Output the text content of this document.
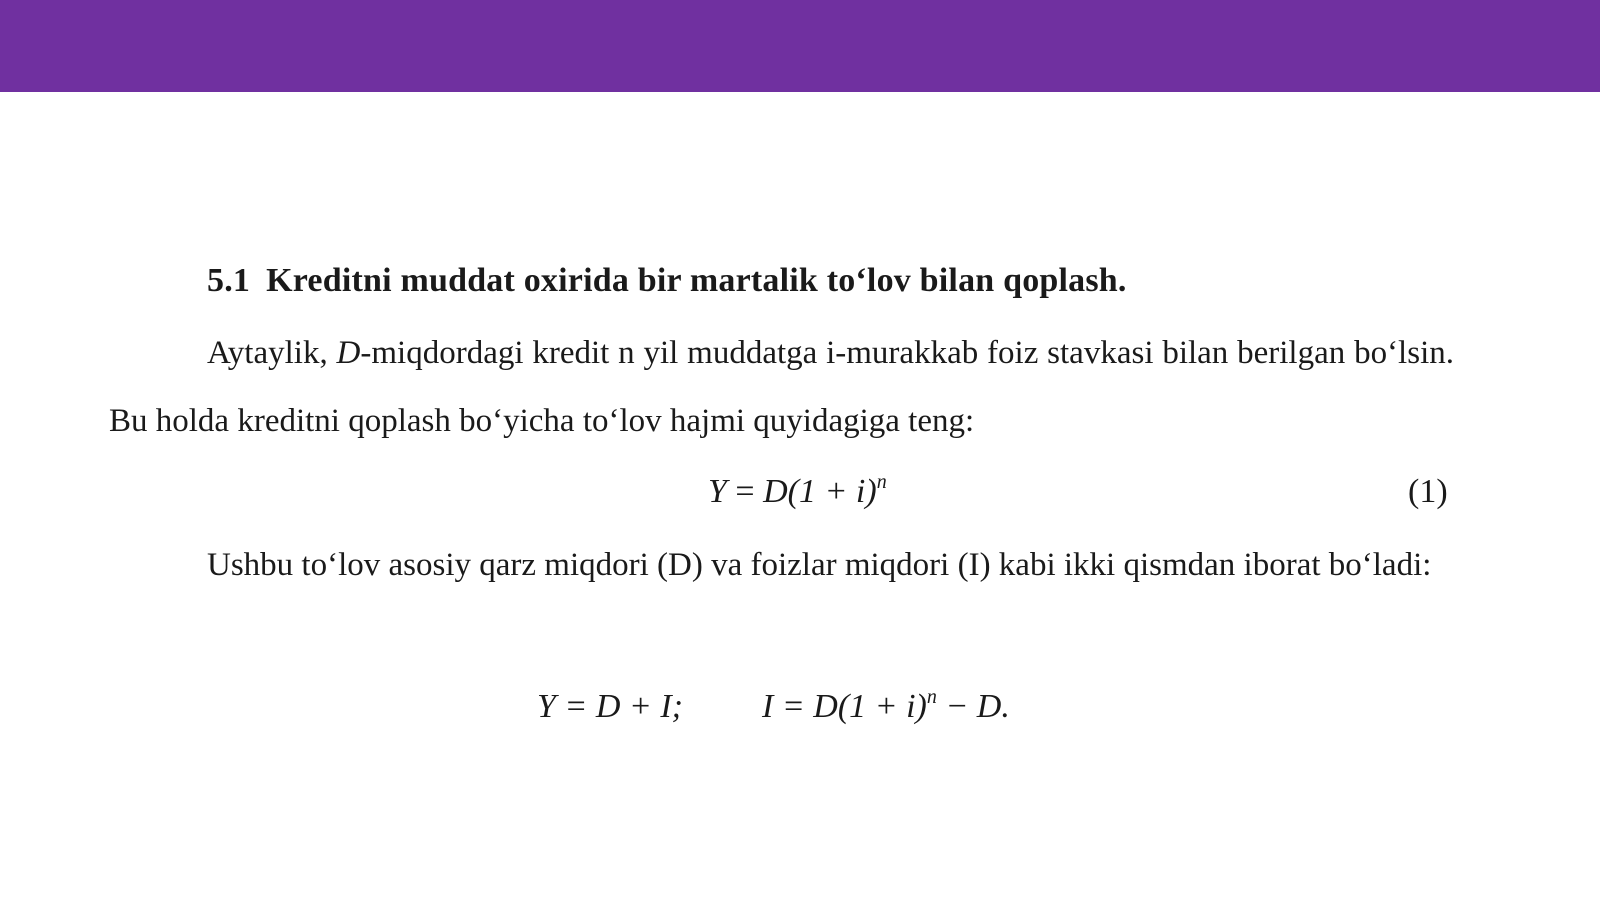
5.1 Kreditni muddat oxirida bir martalik to‘lov bilan qoplash.
Aytaylik, D-miqdordagi kredit n yil muddatga i-murakkab foiz stavkasi bilan berilgan bo‘lsin. Bu holda kreditni qoplash bo‘yicha to‘lov hajmi quyidagiga teng:
$Y = D(1 + i)^n$	(1)
Ushbu to‘lov asosiy qarz miqdori (D) va foizlar miqdori (I) kabi ikki qismdan iborat bo‘ladi:
Y = D + I; $I = D(1 + i)^n - D$.
